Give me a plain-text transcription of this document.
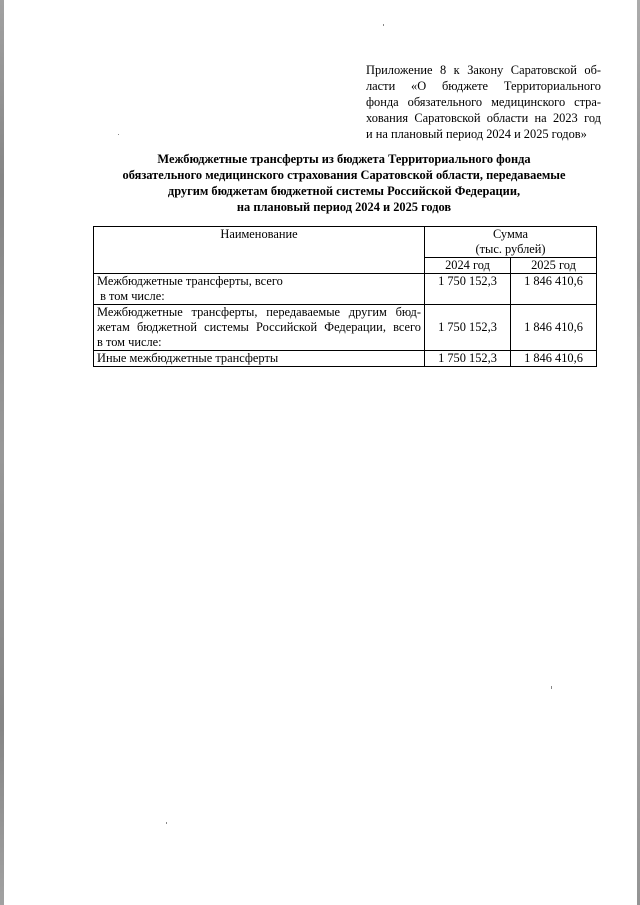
Приложение 8 к Закону Саратовской об-
ласти «О бюджете Территориального
фонда обязательного медицинского стра-
хования Саратовской области на 2023 год
и на плановый период 2024 и 2025 годов»
Межбюджетные трансферты из бюджета Территориального фонда
обязательного медицинского страхования Саратовской области, передаваемые
другим бюджетам бюджетной системы Российской Федерации,
на плановый период 2024 и 2025 годов
Наименование	Сумма
(тыс. рублей)	
	2024 год	2025 год

Межбюджетные трансферты, всего
в том числе:	1 750 152,3	1 846 410,6

Межбюджетные трансферты, передаваемые другим бюд-
жетам бюджетной системы Российской Федерации, всего
в том числе:	1 750 152,3	1 846 410,6

Иные межбюджетные трансферты	1 750 152,3	1 846 410,6
